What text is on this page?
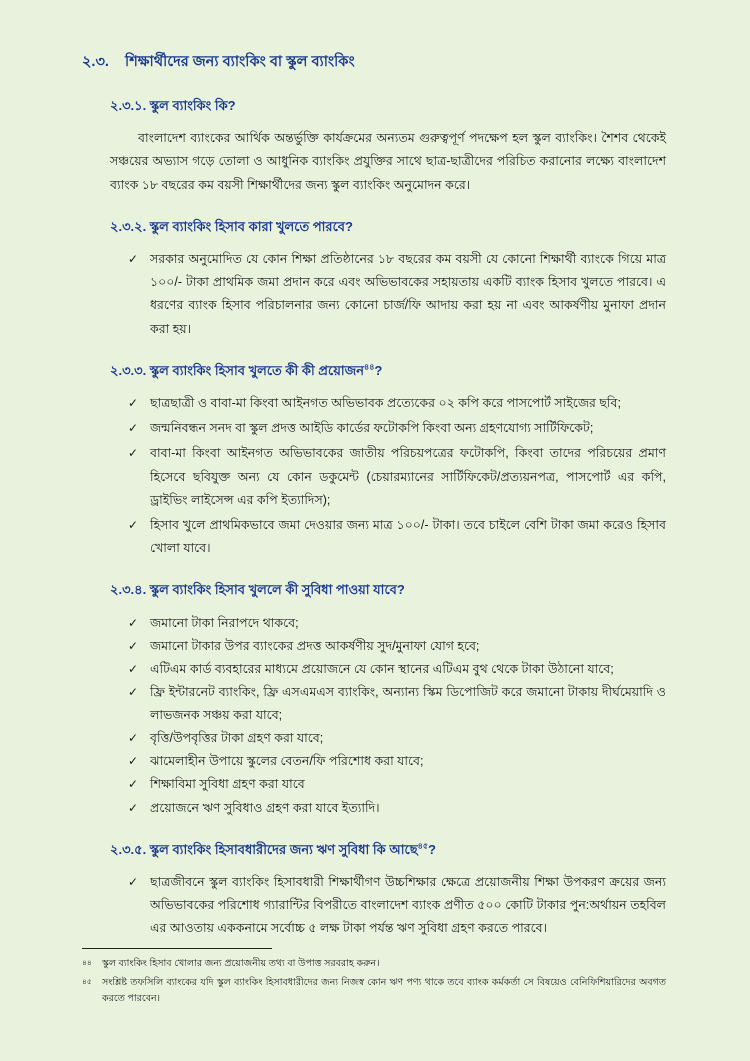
২.৩. শিক্ষার্থীদের জন্য ব্যাংকিং বা স্কুল ব্যাংকিং
২.৩.১. স্কুল ব্যাংকিং কি?

বাংলাদেশ ব্যাংকের আর্থিক অন্তর্ভুক্তি কার্যক্রমের অন্যতম গুরুত্বপূর্ণ পদক্ষেপ হল স্কুল ব্যাংকিং। শৈশব থেকেই সঞ্চয়ের অভ্যাস গড়ে তোলা ও আধুনিক ব্যাংকিং প্রযুক্তির সাথে ছাত্র-ছাত্রীদের পরিচিত করানোর লক্ষ্যে বাংলাদেশ ব্যাংক ১৮ বছরের কম বয়সী শিক্ষার্থীদের জন্য স্কুল ব্যাংকিং অনুমোদন করে।

২.৩.২. স্কুল ব্যাংকিং হিসাব কারা খুলতে পারবে?
✓ সরকার অনুমোদিত যে কোন শিক্ষা প্রতিষ্ঠানের ১৮ বছরের কম বয়সী যে কোনো শিক্ষার্থী ব্যাংকে গিয়ে মাত্র ১০০/- টাকা প্রাথমিক জমা প্রদান করে এবং অভিভাবকের সহায়তায় একটি ব্যাংক হিসাব খুলতে পারবে। এ ধরণের ব্যাংক হিসাব পরিচালনার জন্য কোনো চার্জ/ফি আদায় করা হয় না এবং আকর্ষণীয় মুনাফা প্রদান করা হয়।
২.৩.৩. স্কুল ব্যাংকিং হিসাব খুলতে কী কী প্রয়োজন$^{৪৪}$?
✓ ছাত্রছাত্রী ও বাবা-মা কিংবা আইনগত অভিভাবক প্রত্যেকের ০২ কপি করে পাসপোর্ট সাইজের ছবি;
✓ জন্মনিবন্ধন সনদ বা স্কুল প্রদত্ত আইডি কার্ডের ফটোকপি কিংবা অন্য গ্রহণযোগ্য সার্টিফিকেট;
✓ বাবা-মা কিংবা আইনগত অভিভাবকের জাতীয় পরিচয়পত্রের ফটোকপি, কিংবা তাদের পরিচয়ের প্রমাণ হিসেবে ছবিযুক্ত অন্য যে কোন ডকুমেন্ট (চেয়ারম্যানের সার্টিফিকেট/প্রত্যয়নপত্র, পাসপোর্ট এর কপি, ড্রাইভিং লাইসেন্স এর কপি ইত্যাদিস);
✓ হিসাব খুলে প্রাথমিকভাবে জমা দেওয়ার জন্য মাত্র ১০০/- টাকা। তবে চাইলে বেশি টাকা জমা করেও হিসাব খোলা যাবে।
২.৩.৪. স্কুল ব্যাংকিং হিসাব খুললে কী সুবিধা পাওয়া যাবে?
✓ জমানো টাকা নিরাপদে থাকবে;
✓ জমানো টাকার উপর ব্যাংকের প্রদত্ত আকর্ষণীয় সুদ/মুনাফা যোগ হবে;
✓ এটিএম কার্ড ব্যবহারের মাধ্যমে প্রয়োজনে যে কোন স্থানের এটিএম বুথ থেকে টাকা উঠানো যাবে;
✓ ফ্রি ইন্টারনেট ব্যাংকিং, ফ্রি এসএমএস ব্যাংকিং, অন্যান্য স্কিম ডিপোজিট করে জমানো টাকায় দীর্ঘমেয়াদি ও লাভজনক সঞ্চয় করা যাবে;
✓ বৃত্তি/উপবৃত্তির টাকা গ্রহণ করা যাবে;
✓ ঝামেলাহীন উপায়ে স্কুলের বেতন/ফি পরিশোধ করা যাবে;
✓ শিক্ষাবিমা সুবিধা গ্রহণ করা যাবে
✓ প্রয়োজনে ঋণ সুবিধাও গ্রহণ করা যাবে ইত্যাদি।
২.৩.৫. স্কুল ব্যাংকিং হিসাবধারীদের জন্য ঋণ সুবিধা কি আছে$^{৪৫}$?
✓ ছাত্রজীবনে স্কুল ব্যাংকিং হিসাবধারী শিক্ষার্থীগণ উচ্চশিক্ষার ক্ষেত্রে প্রয়োজনীয় শিক্ষা উপকরণ ক্রয়ের জন্য অভিভাবকের পরিশোধ গ্যারান্টির বিপরীতে বাংলাদেশ ব্যাংক প্রণীত ৫০০ কোটি টাকার পুন:অর্থায়ন তহবিল এর আওতায় এককনামে সর্বোচ্চ ৫ লক্ষ টাকা পর্যন্ত ঋণ সুবিধা গ্রহণ করতে পারবে।
৪৪ স্কুল ব্যাংকিং হিসাব খোলার জন্য প্রয়োজনীয় তথ্য বা উপাত্ত সরবরাহ করুন।
৪৫ সংশ্লিষ্ট তফসিলি ব্যাংকের যদি স্কুল ব্যাংকিং হিসাবধারীদের জন্য নিজস্ব কোন ঋণ পণ্য থাকে তবে ব্যাংক কর্মকর্তা সে বিষয়েও বেনিফিশিয়ারিদের অবগত করতে পারবেন।
